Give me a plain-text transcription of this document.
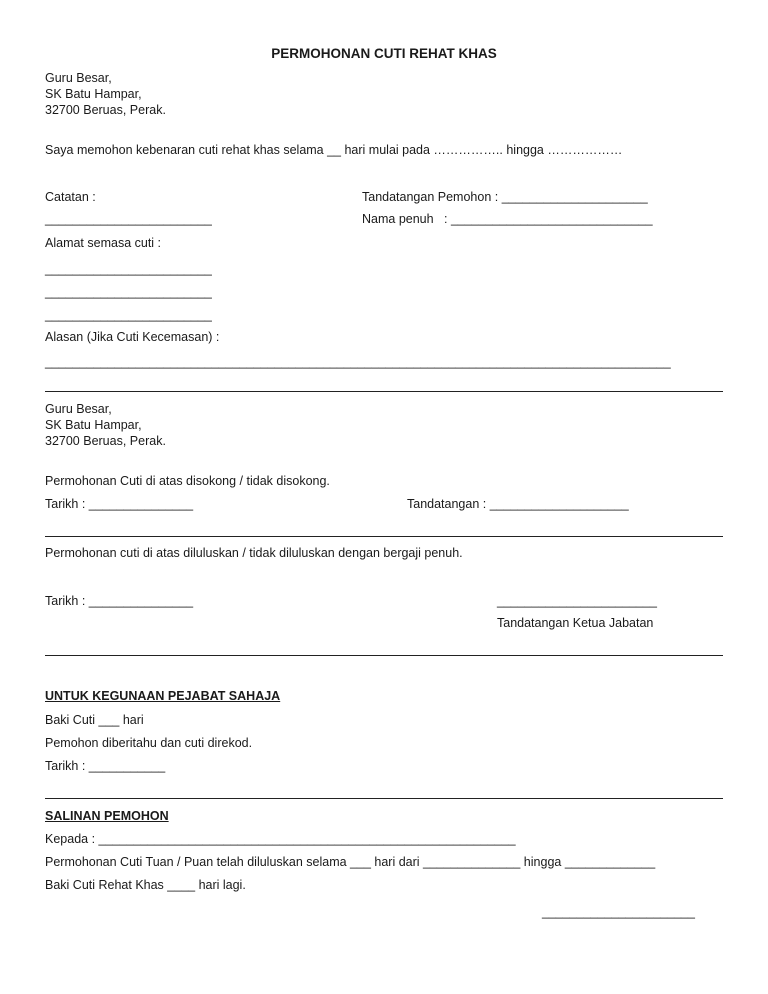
PERMOHONAN CUTI REHAT KHAS
Guru Besar,
SK Batu Hampar,
32700 Beruas, Perak.
Saya memohon kebenaran cuti rehat khas selama __ hari mulai pada …………….. hingga ………………
Catatan :
________________________
Tandatangan Pemohon : _____________________
Nama penuh   : _____________________________
Alamat semasa cuti :
________________________
________________________
________________________
Alasan (Jika Cuti Kecemasan) :
__________________________________________________________________________________________
Guru Besar,
SK Batu Hampar,
32700 Beruas, Perak.
Permohonan Cuti di atas disokong / tidak disokong.
Tarikh : _______________	Tandatangan : ____________________
Permohonan cuti di atas diluluskan / tidak diluluskan dengan bergaji penuh.
Tarikh : _______________	_______________________
Tandatangan Ketua Jabatan
UNTUK KEGUNAAN PEJABAT SAHAJA
Baki Cuti ___ hari
Pemohon diberitahu dan cuti direkod.
Tarikh : ___________
SALINAN PEMOHON
Kepada : ____________________________________________________________
Permohonan Cuti Tuan / Puan telah diluluskan selama ___ hari dari ______________ hingga _____________
Baki Cuti Rehat Khas ____ hari lagi.
______________________
